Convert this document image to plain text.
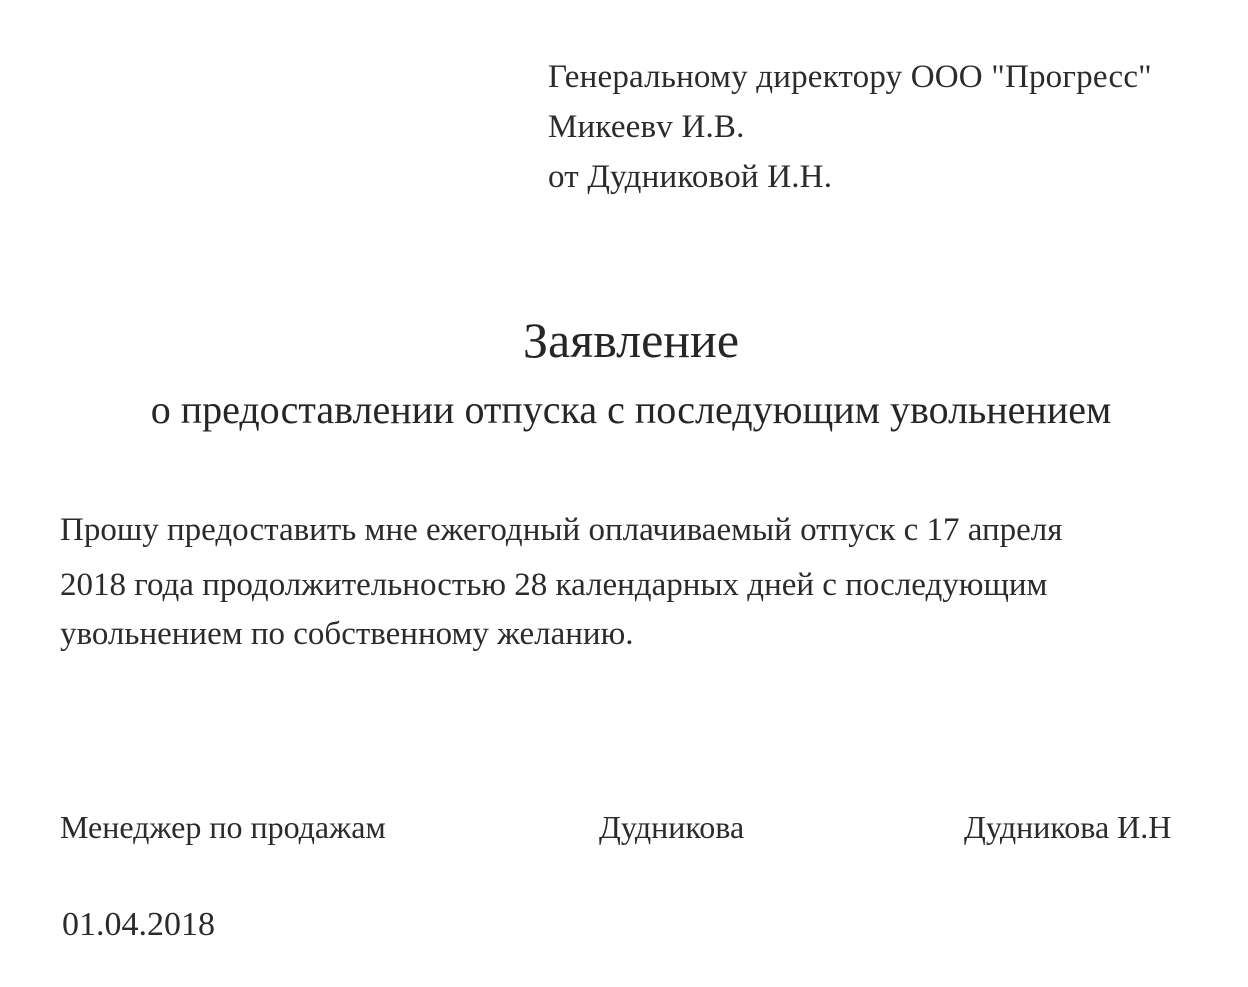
Генеральному директору ООО "Прогресс"
Микеевv И.В.
от Дудниковой И.Н.
Заявление
о предоставлении отпуска с последующим увольнением
Прошу предоставить мне ежегодный оплачиваемый отпуск с 17 апреля
2018 года продолжительностью 28 календарных дней с последующим
увольнением по собственному желанию.
Менеджер по продажам	Дудникова	Дудникова И.Н
01.04.2018
